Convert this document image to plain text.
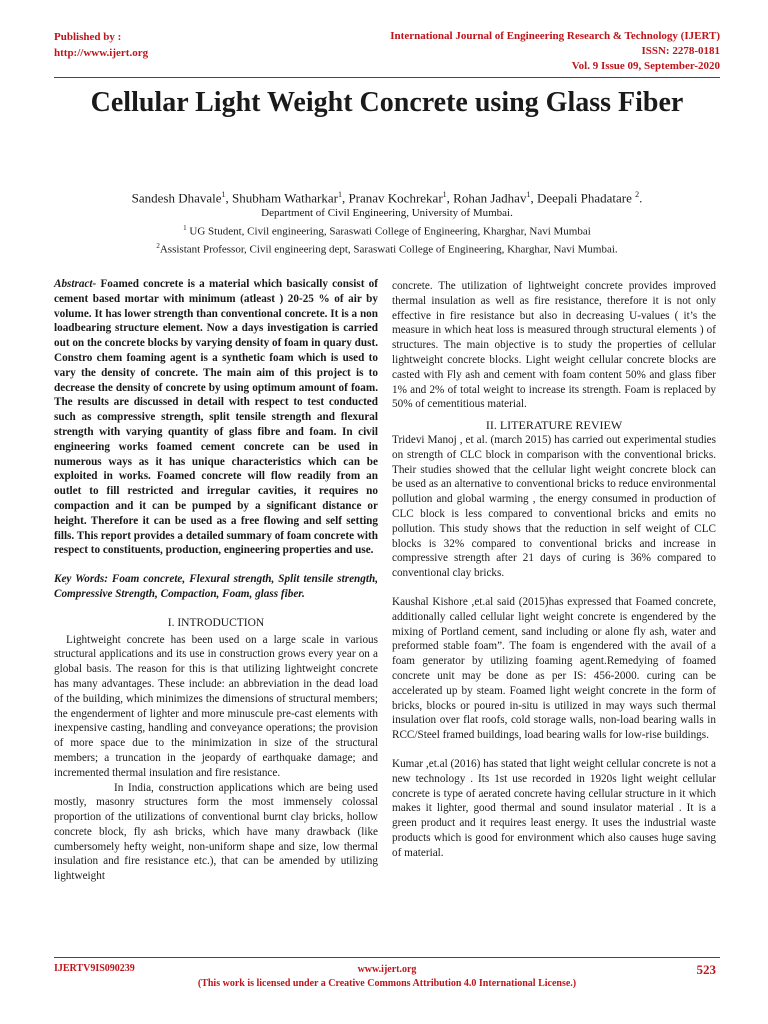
Published by :
http://www.ijert.org
International Journal of Engineering Research & Technology (IJERT)
ISSN: 2278-0181
Vol. 9 Issue 09, September-2020
Cellular Light Weight Concrete using Glass Fiber
Sandesh Dhavale$^1$, Shubham Watharkar$^1$, Pranav Kochrekar$^1$, Rohan Jadhav$^1$, Deepali Phadatare $^2$.
Department of Civil Engineering, University of Mumbai.
$^1$ UG Student, Civil engineering, Saraswati College of Engineering, Kharghar, Navi Mumbai
$^2$Assistant Professor, Civil engineering dept, Saraswati College of Engineering, Kharghar, Navi Mumbai.

Abstract- Foamed concrete is a material which basically consist of cement based mortar with minimum (atleast ) 20-25 % of air by volume. It has lower strength than conventional concrete. It is a non loadbearing structure element. Now a days investigation is carried out on the concrete blocks by varying density of foam in quary dust. Constro chem foaming agent is a synthetic foam which is used to vary the density of concrete. The main aim of this project is to decrease the density of concrete by using optimum amount of foam. The results are discussed in detail with respect to test conducted such as compressive strength, split tensile strength and flexural strength with varying quantity of glass fibre and foam. In civil engineering works foamed cement concrete can be used in numerous ways as it has unique characteristics which can be exploited in works. Foamed concrete will flow readily from an outlet to fill restricted and irregular cavities, it requires no compaction and it can be pumped by a significant distance or height. Therefore it can be used as a free flowing and self setting fills. This report provides a detailed summary of foam concrete with respect to constituents, production, engineering properties and use.

Key Words: Foam concrete, Flexural strength, Split tensile strength, Compressive Strength, Compaction, Foam, glass fiber.

I. INTRODUCTION

Lightweight concrete has been used on a large scale in various structural applications and its use in construction grows every year on a global basis. The reason for this is that utilizing lightweight concrete has many advantages. These include: an abbreviation in the dead load of the building, which minimizes the dimensions of structural members; the engenderment of lighter and more minuscule pre-cast elements with inexpensive casting, handling and conveyance operations; the provision of more space due to the minimization in size of the structural members; a truncation in the jeopardy of earthquake damage; and incremented thermal insulation and fire resistance.

In India, construction applications which are being used mostly, masonry structures form the most immensely colossal proportion of the utilizations of conventional burnt clay bricks, hollow concrete block, fly ash bricks, which have many drawback (like cumbersomely hefty weight, non-uniform shape and size, low thermal insulation and fire resistance etc.), that can be amended by utilizing lightweight

concrete. The utilization of lightweight concrete provides improved thermal insulation as well as fire resistance, therefore it is not only effective in fire resistance but also in decreasing U-values ( it’s the measure in which heat loss is measured through structural elements ) of structures. The main objective is to study the properties of cellular lightweight concrete blocks. Light weight cellular concrete blocks are casted with Fly ash and cement with foam content 50% and glass fiber 1% and 2% of total weight to increase its strength. Foam is replaced by 50% of cementitious material.

II. LITERATURE REVIEW

Tridevi Manoj , et al. (march 2015) has carried out experimental studies on strength of CLC block in comparison with the conventional bricks. Their studies showed that the cellular light weight concrete block can be used as an alternative to conventional bricks to reduce environmental pollution and global warming , the energy consumed in production of CLC block is less compared to conventional bricks and emits no pollution. This study shows that the reduction in self weight of CLC blocks is 32% compared to conventional bricks and increase in compressive strength after 21 days of curing is 36% compared to conventional clay bricks.

Kaushal Kishore ,et.al said (2015)has expressed that Foamed concrete, additionally called cellular light weight concrete is engendered by the mixing of Portland cement, sand including or alone fly ash, water and preformed stable foam”. The foam is engendered with the avail of a foam generator by utilizing foaming agent.Remedying of foamed concrete unit may be done as per IS: 456-2000. curing can be accelerated up by steam. Foamed light weight concrete in the form of bricks, blocks or poured in-situ is utilized in may ways such thermal insulation over flat roofs, cold storage walls, non-load bearing walls in RCC/Steel framed buildings, load bearing walls for low-rise buildings.

Kumar ,et.al (2016) has stated that light weight cellular concrete is not a new technology . Its 1st use recorded in 1920s light weight cellular concrete is type of aerated concrete having cellular structure in it which makes it lighter, good thermal and sound insulator material . It is a green product and it requires least energy. It uses the industrial waste products which is good for environment which also causes huge saving of material.

IJERTV9IS090239	www.ijert.org
(This work is licensed under a Creative Commons Attribution 4.0 International License.)
523
